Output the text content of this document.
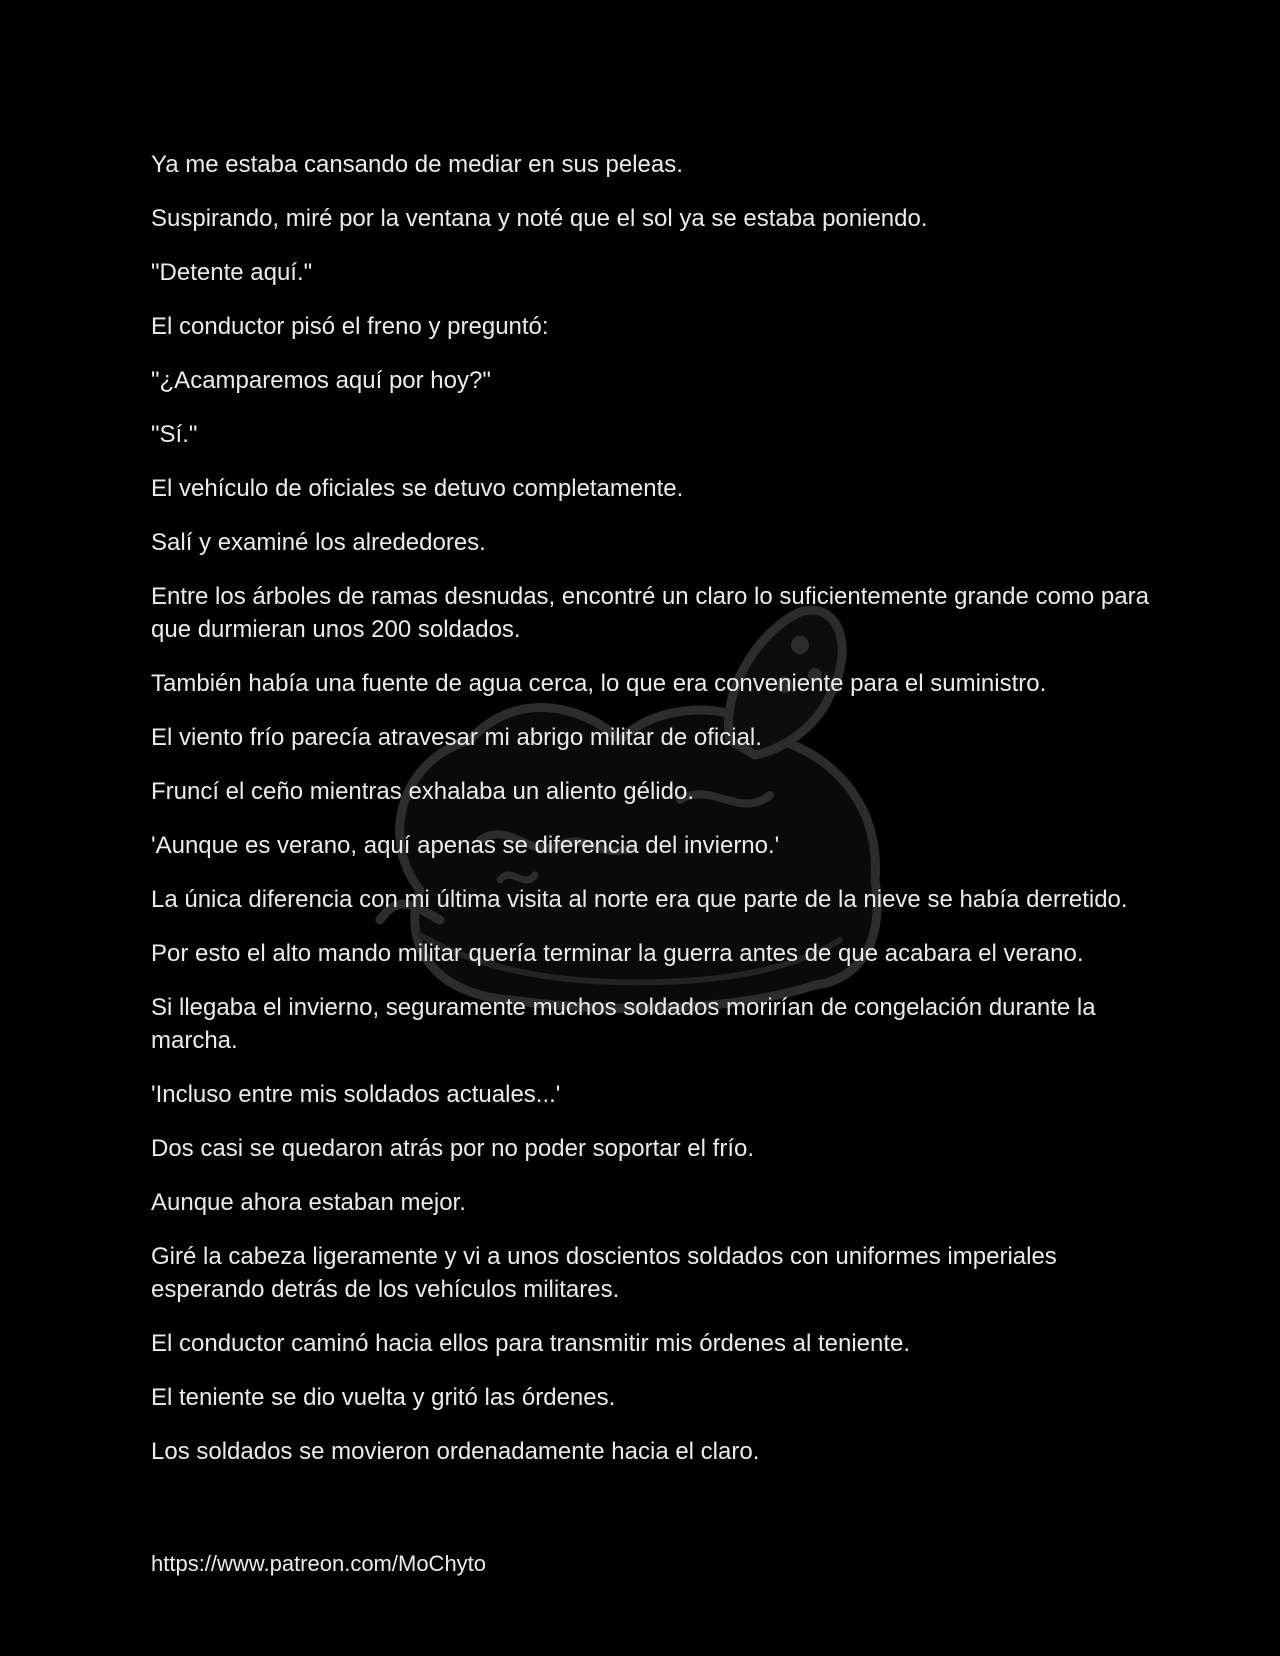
Ya me estaba cansando de mediar en sus peleas.

Suspirando, miré por la ventana y noté que el sol ya se estaba poniendo.

"Detente aquí."

El conductor pisó el freno y preguntó:

"¿Acamparemos aquí por hoy?"

"Sí."

El vehículo de oficiales se detuvo completamente.

Salí y examiné los alrededores.

Entre los árboles de ramas desnudas, encontré un claro lo suficientemente grande como para que durmieran unos 200 soldados.

También había una fuente de agua cerca, lo que era conveniente para el suministro.

El viento frío parecía atravesar mi abrigo militar de oficial.

Fruncí el ceño mientras exhalaba un aliento gélido.

'Aunque es verano, aquí apenas se diferencia del invierno.'

La única diferencia con mi última visita al norte era que parte de la nieve se había derretido.

Por esto el alto mando militar quería terminar la guerra antes de que acabara el verano.

Si llegaba el invierno, seguramente muchos soldados morirían de congelación durante la marcha.

'Incluso entre mis soldados actuales...'

Dos casi se quedaron atrás por no poder soportar el frío.

Aunque ahora estaban mejor.

Giré la cabeza ligeramente y vi a unos doscientos soldados con uniformes imperiales esperando detrás de los vehículos militares.

El conductor caminó hacia ellos para transmitir mis órdenes al teniente.

El teniente se dio vuelta y gritó las órdenes.

Los soldados se movieron ordenadamente hacia el claro.

https://www.patreon.com/MoChyto
